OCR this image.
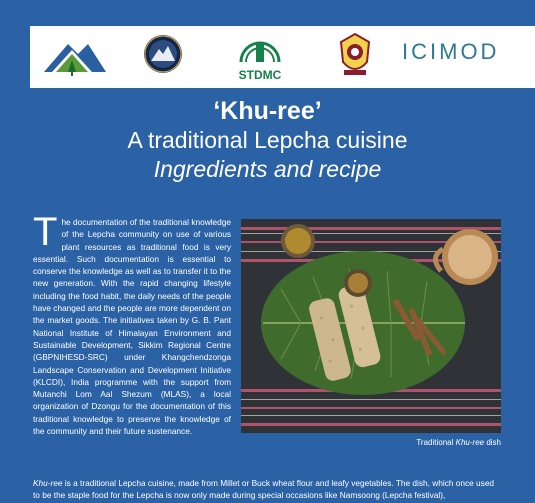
STDMC
ICIMOD

‘Khu-ree’

A traditional Lepcha cuisine

Ingredients and recipe

T he documentation of the traditional knowledge of the Lepcha community on use of various plant resources as traditional food is very essential. Such documentation is essential to conserve the knowledge as well as to transfer it to the new generation. With the rapid changing lifestyle including the food habit, the daily needs of the people have changed and the people are more dependent on the market goods. The initiatives taken by G. B. Pant National Institute of Himalayan Environment and Sustainable Development, Sikkim Regional Centre (GBPNIHESD-SRC) under Khangchendzonga Landscape Conservation and Development Initiative (KLCDI), India programme with the support from Mutanchi Lom Aal Shezum (MLAS), a local organization of Dzongu for the documentation of this traditional knowledge to preserve the knowledge of the community and their future sustenance.
Traditional Khu-ree dish
Khu-ree is a traditional Lepcha cuisine, made from Millet or Buck wheat flour and leafy vegetables. The dish, which once used to be the staple food for the Lepcha is now only made during special occasions like Namsoong (Lepcha festival),
